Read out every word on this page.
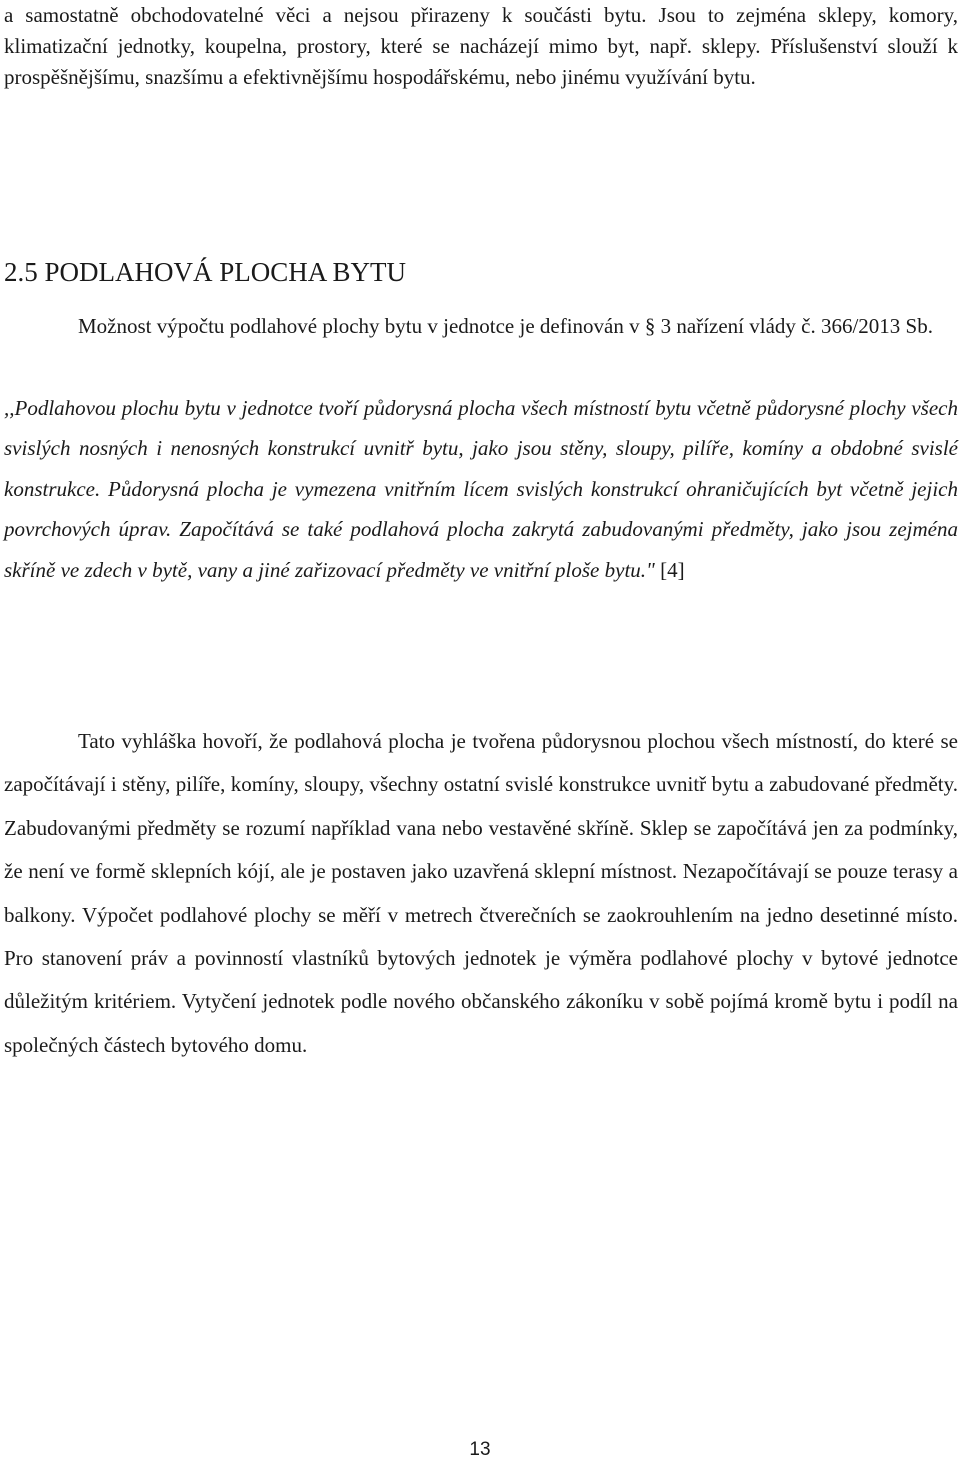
a samostatně obchodovatelné věci a nejsou přirazeny k součásti bytu. Jsou to zejména sklepy, komory, klimatizační jednotky, koupelna, prostory, které se nacházejí mimo byt, např. sklepy. Příslušenství slouží k prospěšnějšímu, snazšímu a efektivnějšímu hospodářskému, nebo jinému využívání bytu.

2.5 PODLAHOVÁ PLOCHA BYTU

Možnost výpočtu podlahové plochy bytu v jednotce je definován v § 3 nařízení vlády č. 366/2013 Sb.

,,Podlahovou plochu bytu v jednotce tvoří půdorysná plocha všech místností bytu včetně půdorysné plochy všech svislých nosných i nenosných konstrukcí uvnitř bytu, jako jsou stěny, sloupy, pilíře, komíny a obdobné svislé konstrukce. Půdorysná plocha je vymezena vnitřním lícem svislých konstrukcí ohraničujících byt včetně jejich povrchových úprav. Započítává se také podlahová plocha zakrytá zabudovanými předměty, jako jsou zejména skříně ve zdech v bytě, vany a jiné zařizovací předměty ve vnitřní ploše bytu." [4]

Tato vyhláška hovoří, že podlahová plocha je tvořena půdorysnou plochou všech místností, do které se započítávají i stěny, pilíře, komíny, sloupy, všechny ostatní svislé konstrukce uvnitř bytu a zabudované předměty. Zabudovanými předměty se rozumí například vana nebo vestavěné skříně. Sklep se započítává jen za podmínky, že není ve formě sklepních kójí, ale je postaven jako uzavřená sklepní místnost. Nezapočítávají se pouze terasy a balkony. Výpočet podlahové plochy se měří v metrech čtverečních se zaokrouhlením na jedno desetinné místo. Pro stanovení práv a povinností vlastníků bytových jednotek je výměra podlahové plochy v bytové jednotce důležitým kritériem. Vytyčení jednotek podle nového občanského zákoníku v sobě pojímá kromě bytu i podíl na společných částech bytového domu.

13
